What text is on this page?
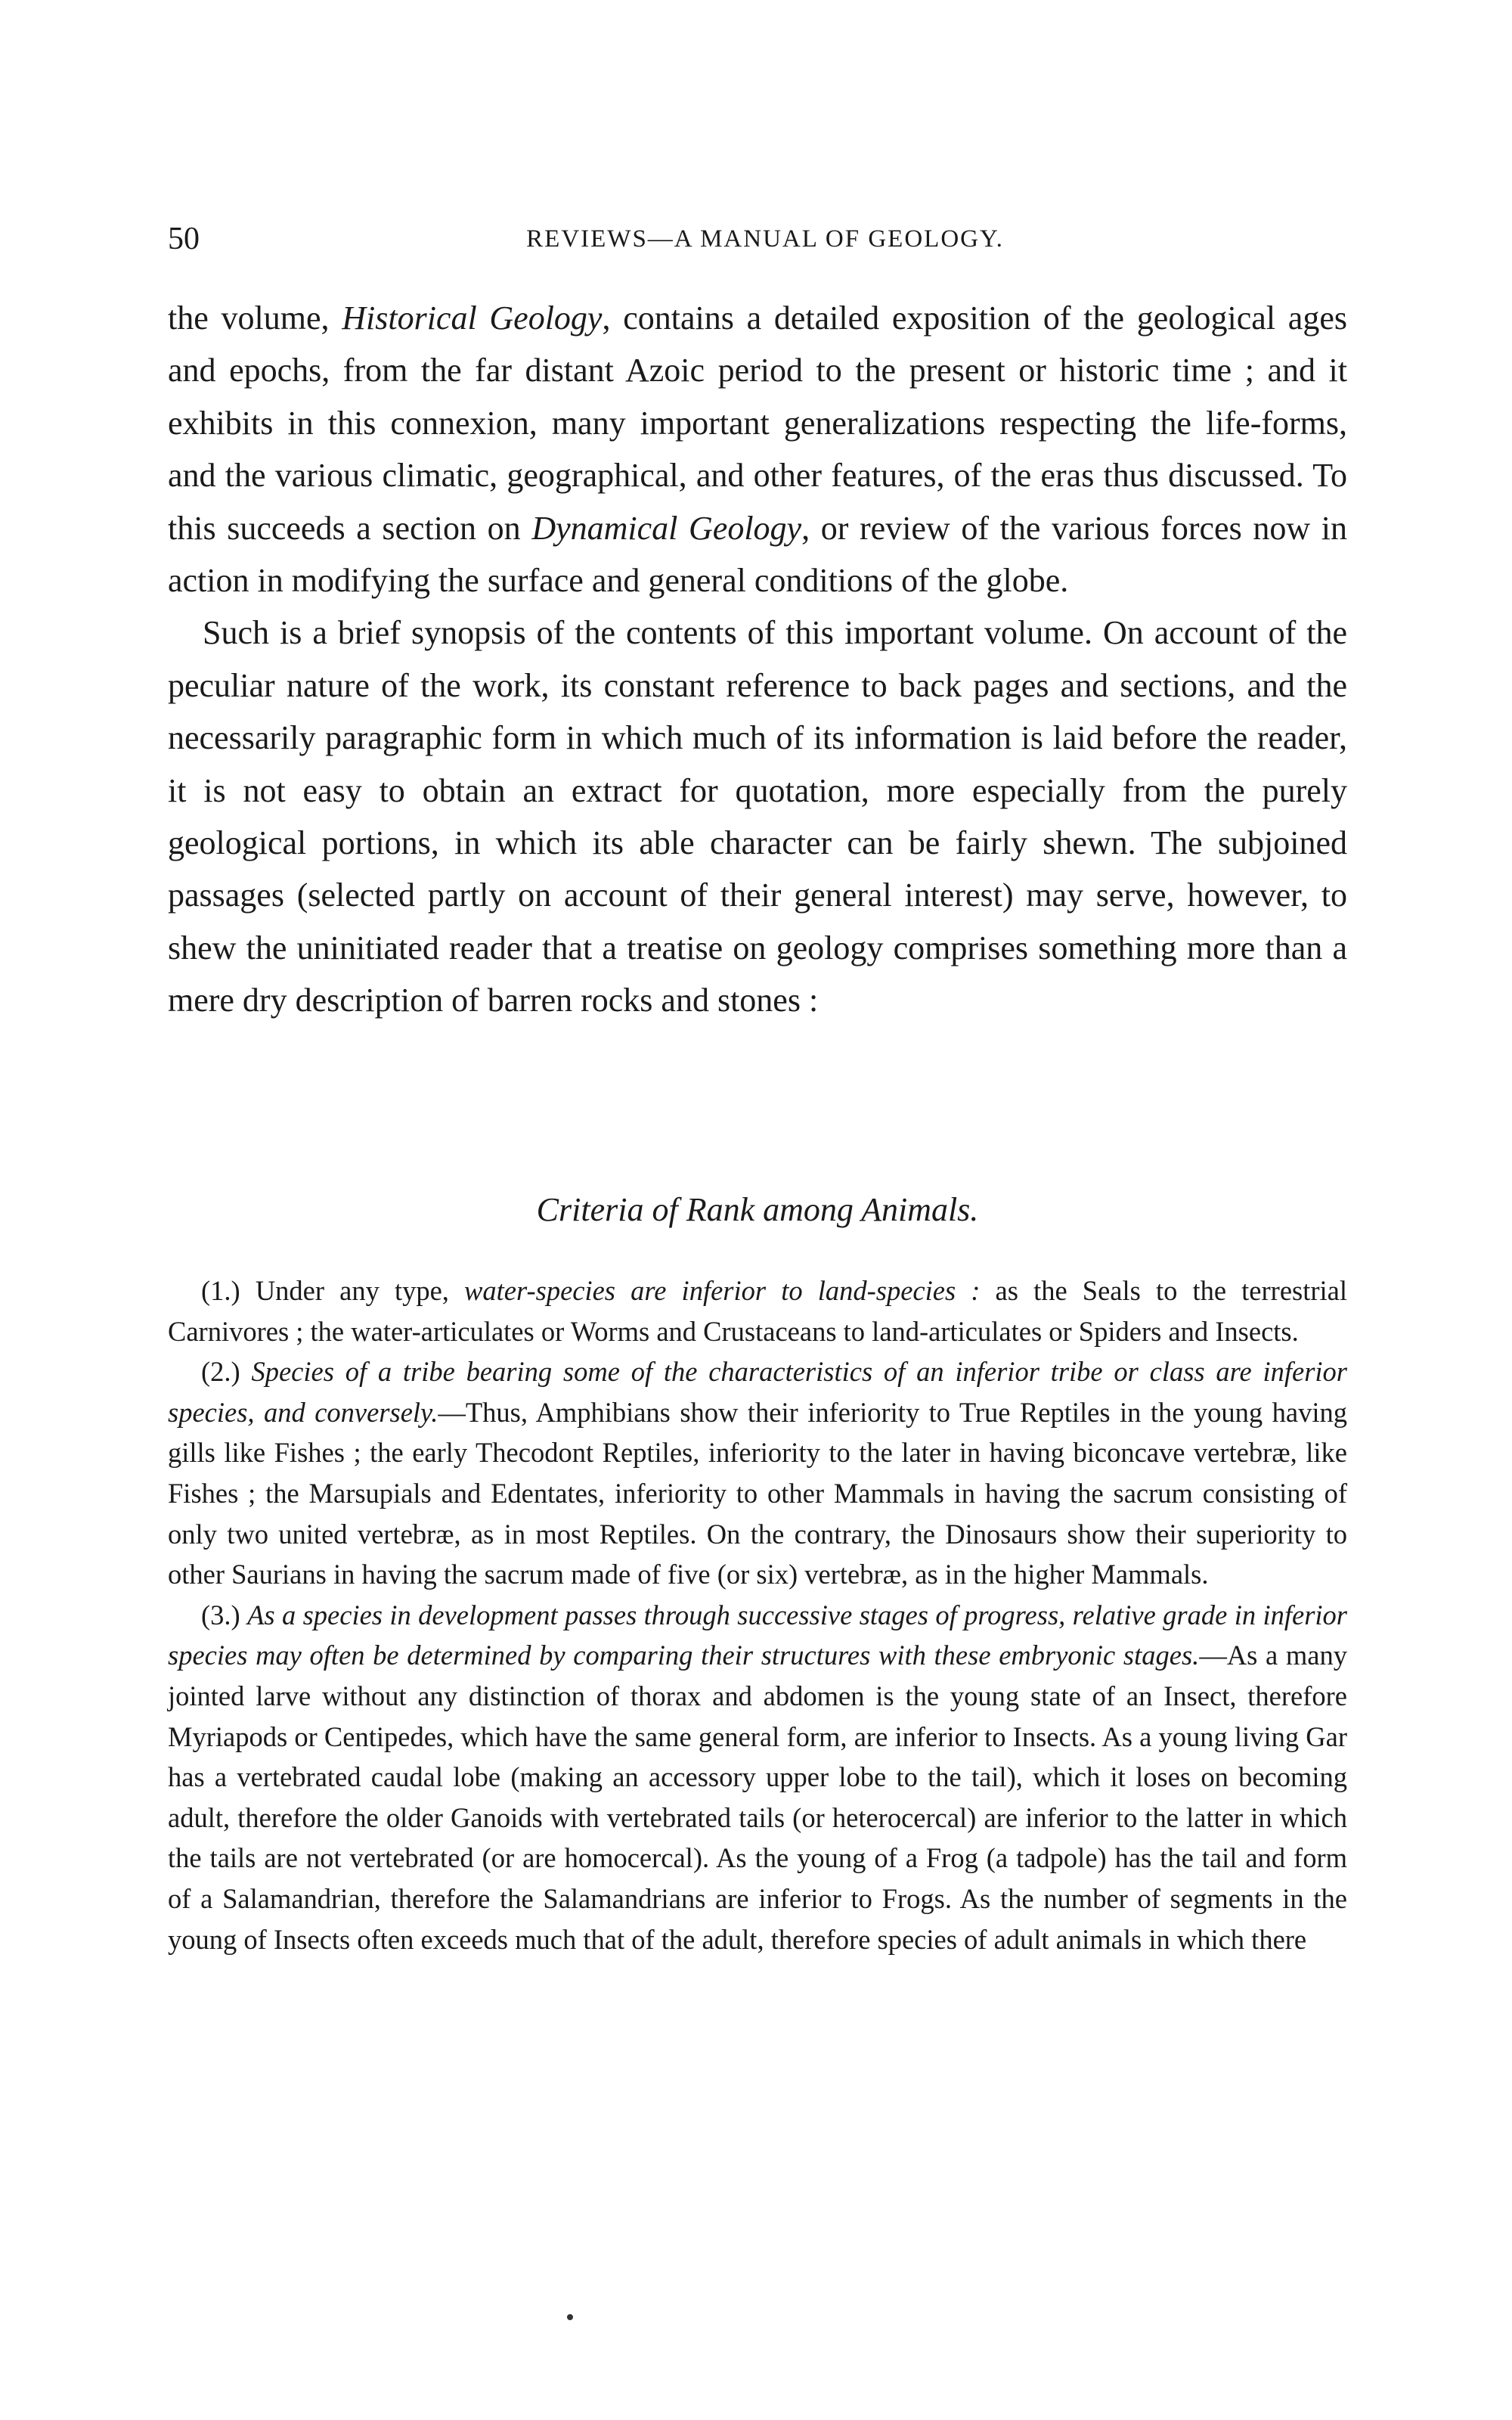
50	REVIEWS—A MANUAL OF GEOLOGY.

the volume, Historical Geology, contains a detailed exposition of the geological ages and epochs, from the far distant Azoic period to the present or historic time ; and it exhibits in this connexion, many important generalizations respecting the life-forms, and the various climatic, geographical, and other features, of the eras thus discussed. To this succeeds a section on Dynamical Geology, or review of the various forces now in action in modifying the surface and general conditions of the globe.

Such is a brief synopsis of the contents of this important volume. On account of the peculiar nature of the work, its constant reference to back pages and sections, and the necessarily paragraphic form in which much of its information is laid before the reader, it is not easy to obtain an extract for quotation, more especially from the purely geological portions, in which its able character can be fairly shewn. The subjoined passages (selected partly on account of their general interest) may serve, however, to shew the uninitiated reader that a treatise on geology comprises something more than a mere dry description of barren rocks and stones :

Criteria of Rank among Animals.

(1.) Under any type, water-species are inferior to land-species : as the Seals to the terrestrial Carnivores ; the water-articulates or Worms and Crustaceans to land-articulates or Spiders and Insects.

(2.) Species of a tribe bearing some of the characteristics of an inferior tribe or class are inferior species, and conversely.—Thus, Amphibians show their inferiority to True Reptiles in the young having gills like Fishes ; the early Thecodont Reptiles, inferiority to the later in having biconcave vertebræ, like Fishes ; the Marsupials and Edentates, inferiority to other Mammals in having the sacrum consisting of only two united vertebræ, as in most Reptiles. On the contrary, the Dinosaurs show their superiority to other Saurians in having the sacrum made of five (or six) vertebræ, as in the higher Mammals.

(3.) As a species in development passes through successive stages of progress, relative grade in inferior species may often be determined by comparing their structures with these embryonic stages.—As a many jointed larve without any distinction of thorax and abdomen is the young state of an Insect, therefore Myriapods or Centipedes, which have the same general form, are inferior to Insects. As a young living Gar has a vertebrated caudal lobe (making an accessory upper lobe to the tail), which it loses on becoming adult, therefore the older Ganoids with vertebrated tails (or heterocercal) are inferior to the latter in which the tails are not vertebrated (or are homocercal). As the young of a Frog (a tadpole) has the tail and form of a Salamandrian, therefore the Salamandrians are inferior to Frogs. As the number of segments in the young of Insects often exceeds much that of the adult, therefore species of adult animals in which there
